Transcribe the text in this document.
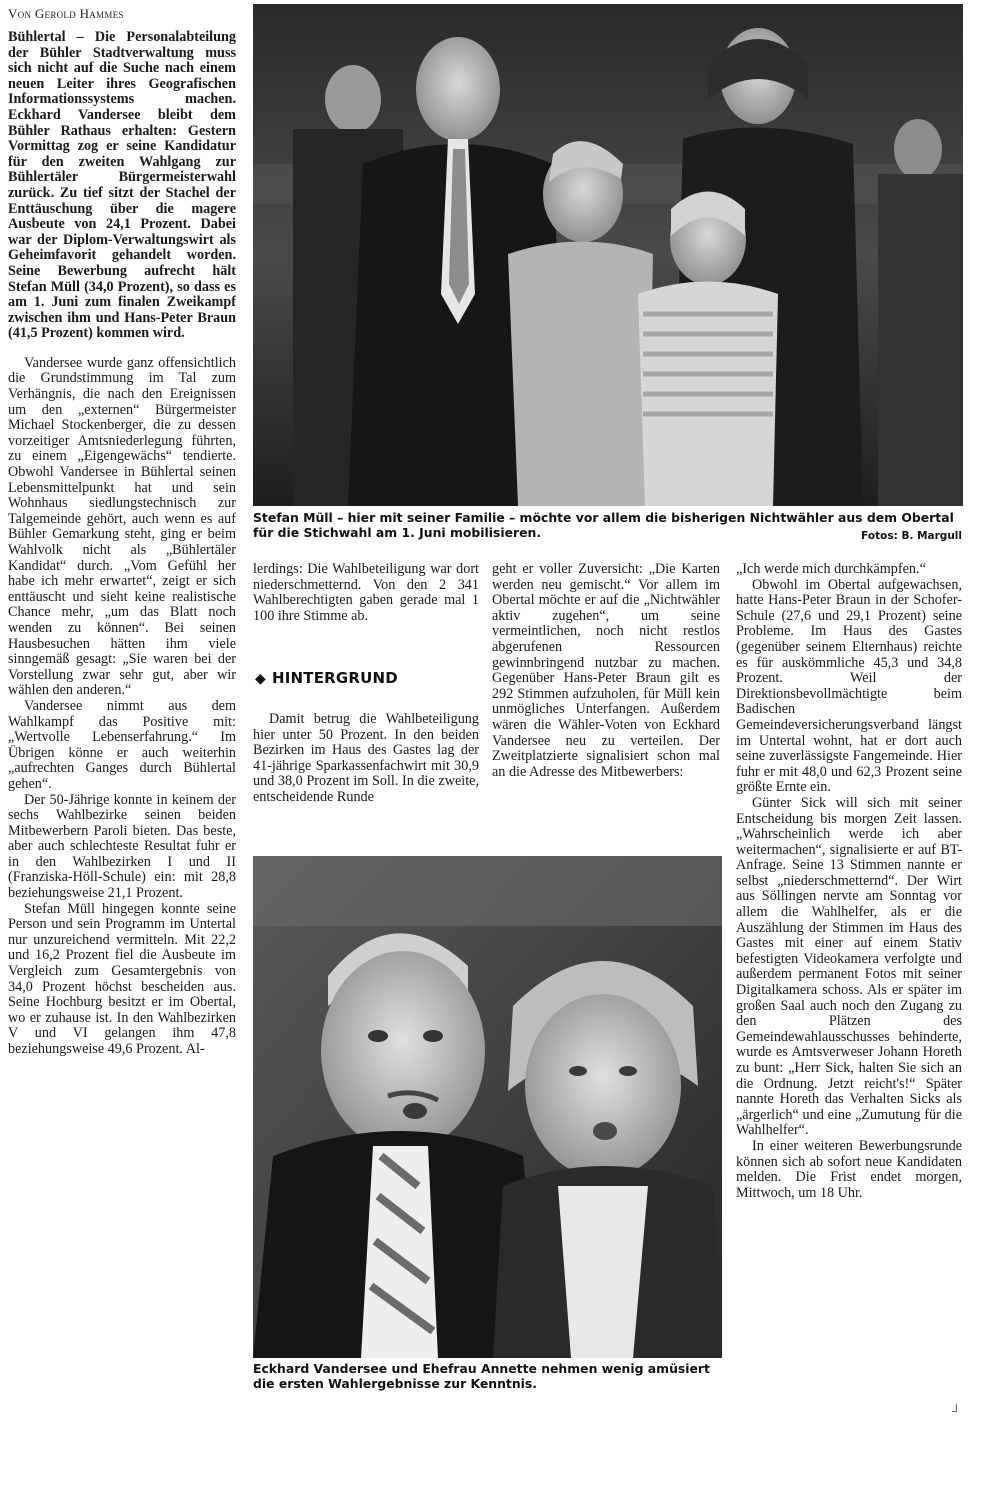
Von Gerold Hammes

Bühlertal – Die Personalabteilung der Bühler Stadtverwaltung muss sich nicht auf die Suche nach einem neuen Leiter ihres Geografischen Informationssystems machen. Eckhard Vandersee bleibt dem Bühler Rathaus erhalten: Gestern Vormittag zog er seine Kandidatur für den zweiten Wahlgang zur Bühlertäler Bürgermeisterwahl zurück. Zu tief sitzt der Stachel der Enttäuschung über die magere Ausbeute von 24,1 Prozent. Dabei war der Diplom-Verwaltungswirt als Geheimfavorit gehandelt worden. Seine Bewerbung aufrecht hält Stefan Müll (34,0 Prozent), so dass es am 1. Juni zum finalen Zweikampf zwischen ihm und Hans-Peter Braun (41,5 Prozent) kommen wird.

Vandersee wurde ganz offensichtlich die Grundstimmung im Tal zum Verhängnis, die nach den Ereignissen um den „externen“ Bürgermeister Michael Stockenberger, die zu dessen vorzeitiger Amtsniederlegung führten, zu einem „Eigengewächs“ tendierte. Obwohl Vandersee in Bühlertal seinen Lebensmittelpunkt hat und sein Wohnhaus siedlungstechnisch zur Talgemeinde gehört, auch wenn es auf Bühler Gemarkung steht, ging er beim Wahlvolk nicht als „Bühlertäler Kandidat“ durch. „Vom Gefühl her habe ich mehr erwartet“, zeigt er sich enttäuscht und sieht keine realistische Chance mehr, „um das Blatt noch wenden zu können“. Bei seinen Hausbesuchen hätten ihm viele sinngemäß gesagt: „Sie waren bei der Vorstellung zwar sehr gut, aber wir wählen den anderen.“

Vandersee nimmt aus dem Wahlkampf das Positive mit: „Wertvolle Lebenserfahrung.“ Im Übrigen könne er auch weiterhin „aufrechten Ganges durch Bühlertal gehen“.

Der 50-Jährige konnte in keinem der sechs Wahlbezirke seinen beiden Mitbewerbern Paroli bieten. Das beste, aber auch schlechteste Resultat fuhr er in den Wahlbezirken I und II (Franziska-Höll-Schule) ein: mit 28,8 beziehungsweise 21,1 Prozent.

Stefan Müll hingegen konnte seine Person und sein Programm im Untertal nur unzureichend vermitteln. Mit 22,2 und 16,2 Prozent fiel die Ausbeute im Vergleich zum Gesamtergebnis von 34,0 Prozent höchst bescheiden aus. Seine Hochburg besitzt er im Obertal, wo er zuhause ist. In den Wahlbezirken V und VI gelangen ihm 47,8 beziehungsweise 49,6 Prozent. Al-

Stefan Müll – hier mit seiner Familie – möchte vor allem die bisherigen Nichtwähler aus dem Obertal für die Stichwahl am 1. Juni mobilisieren.	Fotos: B. Margull

lerdings: Die Wahlbeteiligung war dort niederschmetternd. Von den 2 341 Wahlberechtigten gaben gerade mal 1 100 ihre Stimme ab.

◆ HINTERGRUND

Damit betrug die Wahlbeteiligung hier unter 50 Prozent. In den beiden Bezirken im Haus des Gastes lag der 41-jährige Sparkassenfachwirt mit 30,9 und 38,0 Prozent im Soll. In die zweite, entscheidende Runde

geht er voller Zuversicht: „Die Karten werden neu gemischt.“ Vor allem im Obertal möchte er auf die „Nichtwähler aktiv zugehen“, um seine vermeintlichen, noch nicht restlos abgerufenen Ressourcen gewinnbringend nutzbar zu machen. Gegenüber Hans-Peter Braun gilt es 292 Stimmen aufzuholen, für Müll kein unmögliches Unterfangen. Außerdem wären die Wähler-Voten von Eckhard Vandersee neu zu verteilen. Der Zweitplatzierte signalisiert schon mal an die Adresse des Mitbewerbers:

Eckhard Vandersee und Ehefrau Annette nehmen wenig amüsiert die ersten Wahlergebnisse zur Kenntnis.

„Ich werde mich durchkämpfen.“

Obwohl im Obertal aufgewachsen, hatte Hans-Peter Braun in der Schofer-Schule (27,6 und 29,1 Prozent) seine Probleme. Im Haus des Gastes (gegenüber seinem Elternhaus) reichte es für auskömmliche 45,3 und 34,8 Prozent. Weil der Direktionsbevollmächtigte beim Badischen Gemeindeversicherungsverband längst im Untertal wohnt, hat er dort auch seine zuverlässigste Fangemeinde. Hier fuhr er mit 48,0 und 62,3 Prozent seine größte Ernte ein.

Günter Sick will sich mit seiner Entscheidung bis morgen Zeit lassen. „Wahrscheinlich werde ich aber weitermachen“, signalisierte er auf BT-Anfrage. Seine 13 Stimmen nannte er selbst „niederschmetternd“. Der Wirt aus Söllingen nervte am Sonntag vor allem die Wahlhelfer, als er die Auszählung der Stimmen im Haus des Gastes mit einer auf einem Stativ befestigten Videokamera verfolgte und außerdem permanent Fotos mit seiner Digitalkamera schoss. Als er später im großen Saal auch noch den Zugang zu den Plätzen des Gemeindewahlausschusses behinderte, wurde es Amtsverweser Johann Horeth zu bunt: „Herr Sick, halten Sie sich an die Ordnung. Jetzt reicht's!“ Später nannte Horeth das Verhalten Sicks als „ärgerlich“ und eine „Zumutung für die Wahlhelfer“.

In einer weiteren Bewerbungsrunde können sich ab sofort neue Kandidaten melden. Die Frist endet morgen, Mittwoch, um 18 Uhr.

┘
